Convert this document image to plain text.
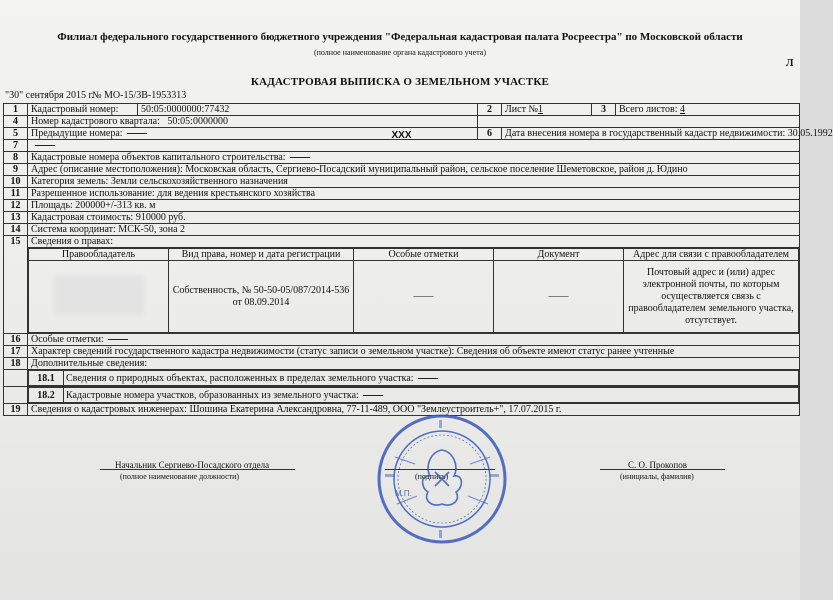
Филиал федерального государственного бюджетного учреждения "Федеральная кадастровая палата Росреестра" по Московской области
(полное наименование органа кадастрового учета)
Л
КАДАСТРОВАЯ ВЫПИСКА О ЗЕМЕЛЬНОМ УЧАСТКЕ
"30" сентября 2015 г.
№ МО-15/3В-1953313
1	Кадастровый номер:	50:05:0000000:77432	2	Лист №1	3	Всего листов: 4
4	Номер кадастрового квартала: 50:05:0000000	
5	Предыдущие номера:	6	Дата внесения номера в государственный кадастр недвижимости: 30.05.1992
7	
8	Кадастровые номера объектов капитального строительства:
9	Адрес (описание местоположения): Московская область, Сергиево-Посадский муниципальный район, сельское поселение Шеметовское, район д. Юдино
10	Категория земель: Земли сельскохозяйственного назначения
11	Разрешенное использование: для ведения крестьянского хозяйства
12	Площадь: 200000+/-313 кв. м
13	Кадастровая стоимость: 910000 руб.
14	Система координат: МСК-50, зона 2
15	Сведения о правах:

Правообладатель	Вид права, номер и дата регистрации	Особые отметки	Документ	Адрес для связи с правообладателем

XXX
	Собственность, № 50-50-05/087/2014-536 от 08.09.2014	——	——	Почтовый адрес и (или) адрес электронной почты, по которым осуществляется связь с правообладателем земельного участка, отсутствует.

16	Особые отметки:
17	Характер сведений государственного кадастра недвижимости (статус записи о земельном участке): Сведения об объекте имеют статус ранее учтенные
18	Дополнительные сведения:

18.1	Сведения о природных объектах, расположенных в пределах земельного участка:

18.2	Кадастровые номера участков, образованных из земельного участка:

19	Сведения о кадастровых инженерах: Шошина Екатерина Александровна, 77-11-489, ООО "Землеустроитель+", 17.07.2015 г.
Начальник Сергиево-Посадского отдела
(полное наименование должности)	(подпись)
С. О. Прокопов
(инициалы, фамилия)
М.П.
